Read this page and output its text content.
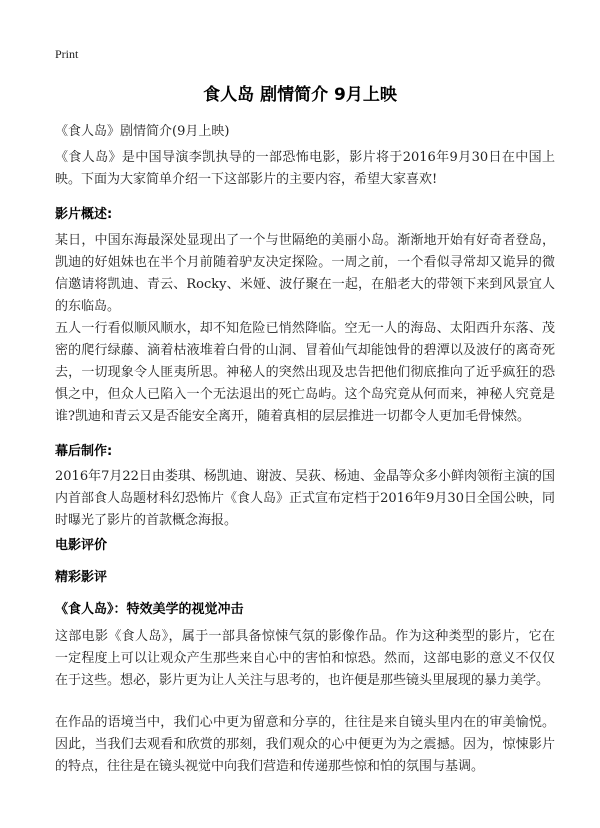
Print
食人岛 剧情简介 9月上映
《食人岛》剧情简介(9月上映)

《食人岛》是中国导演李凯执导的一部恐怖电影，影片将于2016年9月30日在中国上映。下面为大家简单介绍一下这部影片的主要内容，希望大家喜欢!

影片概述:

某日，中国东海最深处显现出了一个与世隔绝的美丽小岛。渐渐地开始有好奇者登岛，凯迪的好姐妹也在半个月前随着驴友决定探险。一周之前，一个看似寻常却又诡异的微信邀请将凯迪、青云、Rocky、米娅、波仔聚在一起，在船老大的带领下来到风景宜人的东临岛。

五人一行看似顺风顺水，却不知危险已悄然降临。空无一人的海岛、太阳西升东落、茂密的爬行绿藤、滴着枯液堆着白骨的山洞、冒着仙气却能蚀骨的碧潭以及波仔的离奇死去，一切现象令人匪夷所思。神秘人的突然出现及忠告把他们彻底推向了近乎疯狂的恐惧之中，但众人已陷入一个无法退出的死亡岛屿。这个岛究竟从何而来，神秘人究竟是谁?凯迪和青云又是否能安全离开，随着真相的层层推进一切都令人更加毛骨悚然。

幕后制作:

2016年7月22日由娄琪、杨凯迪、谢波、吴荻、杨迪、金晶等众多小鲜肉领衔主演的国内首部食人岛题材科幻恐怖片《食人岛》正式宣布定档于2016年9月30日全国公映，同时曝光了影片的首款概念海报。

电影评价
精彩影评
《食人岛》：特效美学的视觉冲击

这部电影《食人岛》，属于一部具备惊悚气氛的影像作品。作为这种类型的影片，它在一定程度上可以让观众产生那些来自心中的害怕和惊恐。然而，这部电影的意义不仅仅在于这些。想必，影片更为让人关注与思考的，也许便是那些镜头里展现的暴力美学。

在作品的语境当中，我们心中更为留意和分享的，往往是来自镜头里内在的审美愉悦。因此，当我们去观看和欣赏的那刻，我们观众的心中便更为为之震撼。因为，惊悚影片的特点，往往是在镜头视觉中向我们营造和传递那些惊和怕的氛围与基调。
